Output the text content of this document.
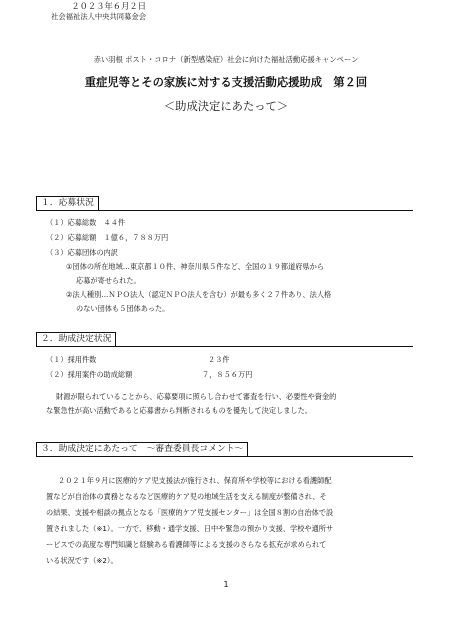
赤い羽根 ポスト・コロナ（新型感染症）社会に向けた福祉活動応援キャンペーン
重症児等とその家族に対する支援活動応援助成　第２回
＜助成決定にあたって＞
２０２３年６月２日
社会福祉法人中央共同募金会
１．応募状況
（１）応募総数　４４件
（２）応募総額　１億６，７８８万円
（３）応募団体の内訳
①団体の所在地域…東京都１０件、神奈川県５件など、全国の１９都道府県から
応募が寄せられた。
②法人種別…ＮＰＯ法人（認定ＮＰＯ法人を含む）が最も多く２７件あり、法人格
のない団体も５団体あった。
２．助成決定状況
（１）採用件数	２３件
（２）採用案件の助成総額	７，８５６万円
財源が限られていることから、応募要項に照らし合わせて審査を行い、必要性や資金的
な緊急性が高い活動であると応募書から判断されるものを優先して決定しました。
３．助成決定にあたって　～審査委員長コメント～
２０２１年９月に医療的ケア児支援法が施行され、保育所や学校等における看護師配
置などが自治体の責務となるなど医療的ケア児の地域生活を支える制度が整備され、そ
の結果、支援や相談の拠点となる「医療的ケア児支援センター」は全国８割の自治体で設
置されました（※1）。一方で、移動・通学支援、日中や緊急の預かり支援、学校や通所サ
ービスでの高度な専門知識と経験ある看護師等による支援のさらなる拡充が求められて
いる状況です（※2）。
1
